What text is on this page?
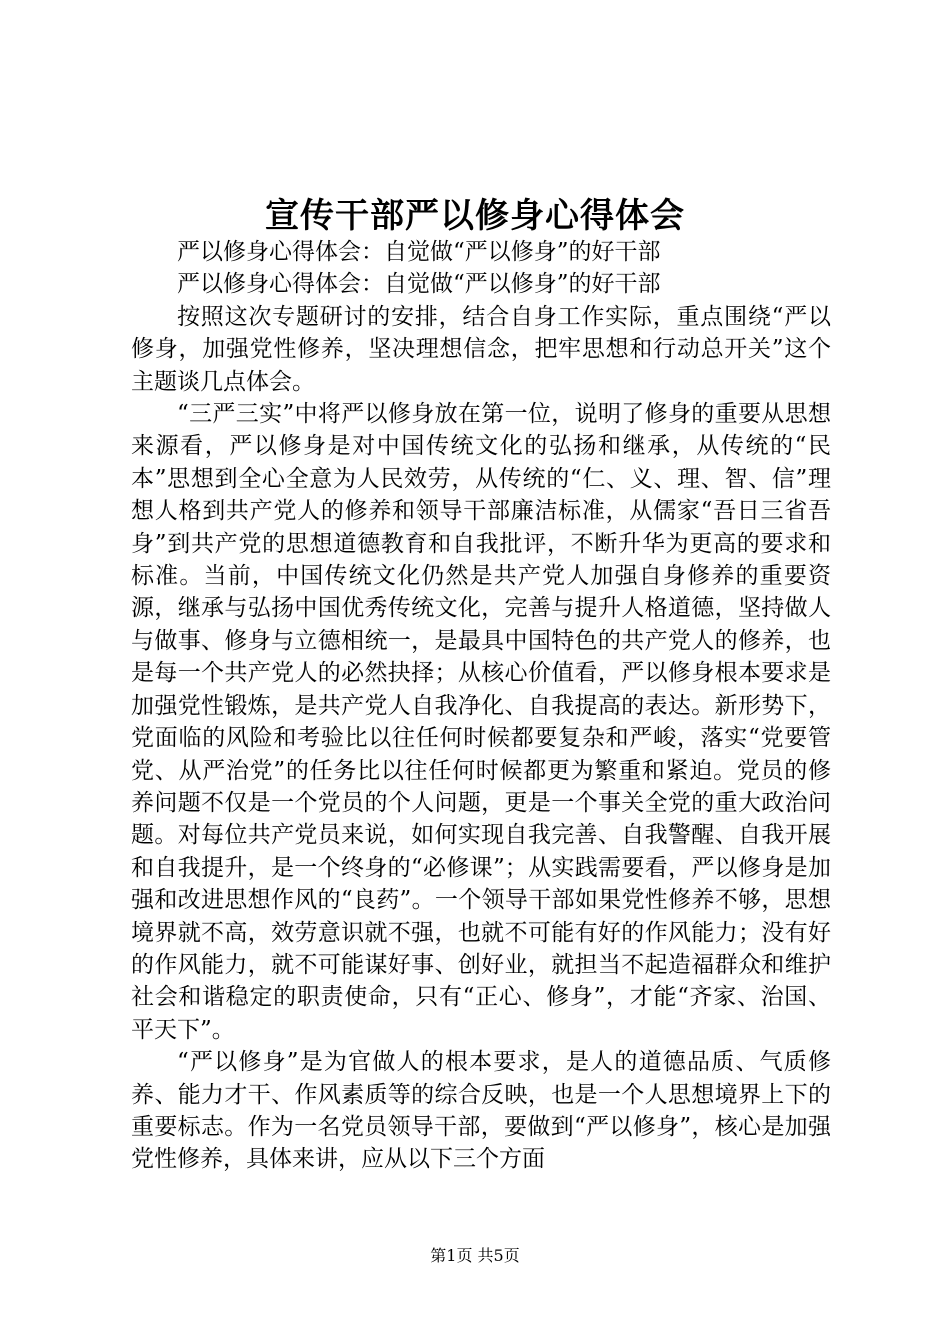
宣传干部严以修身心得体会

严以修身心得体会：自觉做“严以修身”的好干部

严以修身心得体会：自觉做“严以修身”的好干部

按照这次专题研讨的安排，结合自身工作实际，重点围绕“严以修身，加强党性修养，坚决理想信念，把牢思想和行动总开关”这个主题谈几点体会。

“三严三实”中将严以修身放在第一位，说明了修身的重要从思想来源看，严以修身是对中国传统文化的弘扬和继承，从传统的“民本”思想到全心全意为人民效劳，从传统的“仁、义、理、智、信”理想人格到共产党人的修养和领导干部廉洁标准，从儒家“吾日三省吾身”到共产党的思想道德教育和自我批评，不断升华为更高的要求和标准。当前，中国传统文化仍然是共产党人加强自身修养的重要资源，继承与弘扬中国优秀传统文化，完善与提升人格道德，坚持做人与做事、修身与立德相统一，是最具中国特色的共产党人的修养，也是每一个共产党人的必然抉择；从核心价值看，严以修身根本要求是加强党性锻炼，是共产党人自我净化、自我提高的表达。新形势下，党面临的风险和考验比以往任何时候都要复杂和严峻，落实“党要管党、从严治党”的任务比以往任何时候都更为繁重和紧迫。党员的修养问题不仅是一个党员的个人问题，更是一个事关全党的重大政治问题。对每位共产党员来说，如何实现自我完善、自我警醒、自我开展和自我提升，是一个终身的“必修课”；从实践需要看，严以修身是加强和改进思想作风的“良药”。一个领导干部如果党性修养不够，思想境界就不高，效劳意识就不强，也就不可能有好的作风能力；没有好的作风能力，就不可能谋好事、创好业，就担当不起造福群众和维护社会和谐稳定的职责使命，只有“正心、修身”，才能“齐家、治国、平天下”。

“严以修身”是为官做人的根本要求，是人的道德品质、气质修养、能力才干、作风素质等的综合反映，也是一个人思想境界上下的重要标志。作为一名党员领导干部，要做到“严以修身”，核心是加强党性修养，具体来讲，应从以下三个方面

第1页 共5页
